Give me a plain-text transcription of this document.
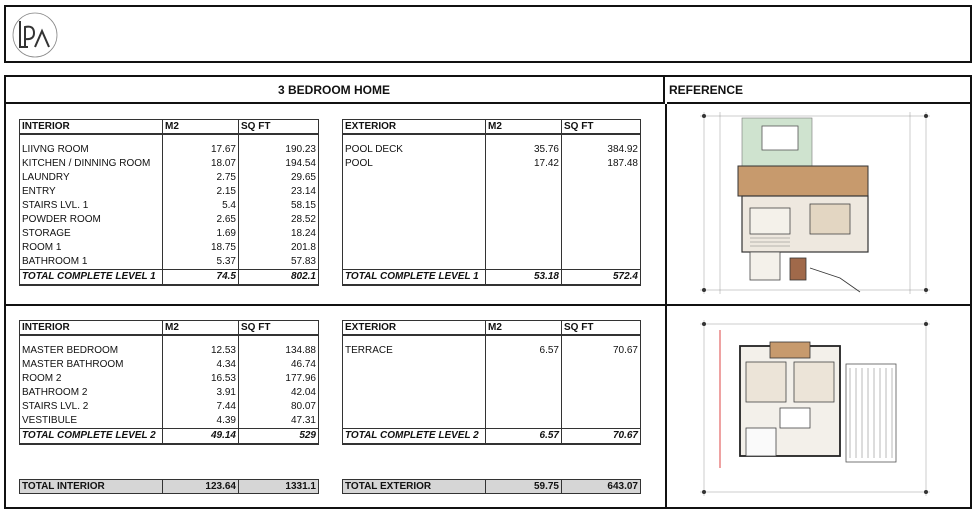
3 BEDROOM HOME	REFERENCE
INTERIOR	M2	SQ FT

LIIVNG ROOM	17.67	190.23
KITCHEN / DINNING ROOM	18.07	194.54
LAUNDRY	2.75	29.65
ENTRY	2.15	23.14
STAIRS LVL. 1	5.4	58.15
POWDER ROOM	2.65	28.52
STORAGE	1.69	18.24
ROOM 1	18.75	201.8
BATHROOM 1	5.37	57.83
TOTAL COMPLETE LEVEL 1	74.5	802.1
EXTERIOR	M2	SQ FT

POOL DECK	35.76	384.92
POOL	17.42	187.48

TOTAL COMPLETE LEVEL 1	53.18	572.4
INTERIOR	M2	SQ FT

MASTER BEDROOM	12.53	134.88
MASTER BATHROOM	4.34	46.74
ROOM 2	16.53	177.96
BATHROOM 2	3.91	42.04
STAIRS LVL. 2	7.44	80.07
VESTIBULE	4.39	47.31
TOTAL COMPLETE LEVEL 2	49.14	529
EXTERIOR	M2	SQ FT

TERRACE	6.57	70.67

TOTAL COMPLETE LEVEL 2	6.57	70.67
TOTAL INTERIOR	123.64	1331.1	TOTAL EXTERIOR	59.75	643.07
